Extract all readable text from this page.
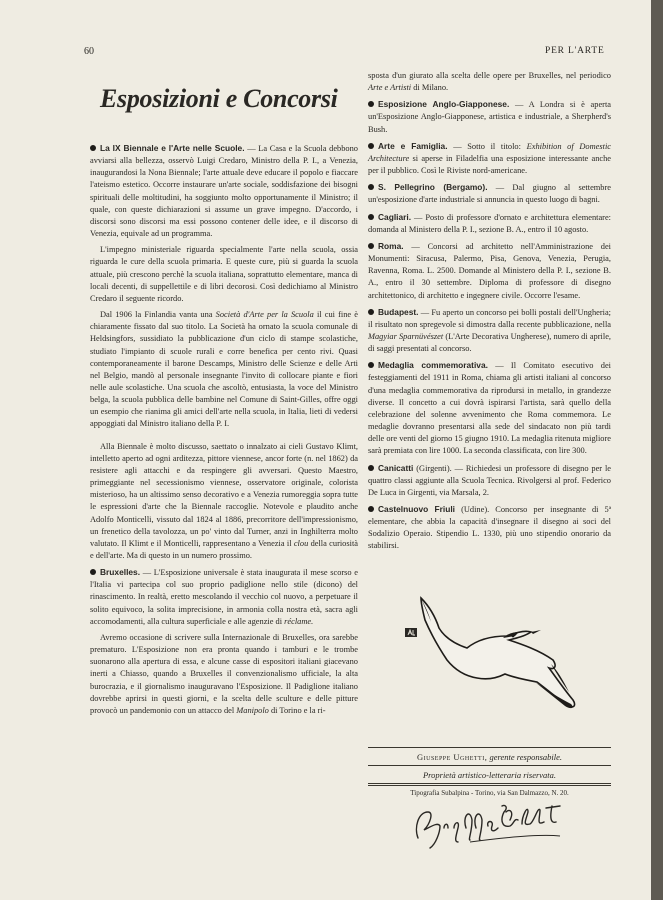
60	PER L'ARTE
Esposizioni e Concorsi

La IX Biennale e l'Arte nelle Scuole. — La Casa e la Scuola debbono avviarsi alla bellezza, osservò Luigi Credaro, Ministro della P. I., a Venezia, inaugurandosi la Nona Biennale; l'arte attuale deve educare il popolo e fiaccare l'ateismo estetico. Occorre instaurare un'arte sociale, soddisfazione dei bisogni spirituali delle moltitudini, ha soggiunto molto opportunamente il Ministro; il quale, con queste dichiarazioni si assume un grave impegno. D'accordo, i discorsi sono discorsi ma essi possono contener delle idee, e il discorso di Venezia, equivale ad un programma.

L'impegno ministeriale riguarda specialmente l'arte nella scuola, ossia riguarda le cure della scuola primaria. E queste cure, più si guarda la scuola attuale, più crescono perchè la scuola italiana, soprattutto elementare, manca di locali decenti, di suppellettile e di libri decorosi. Così dedichiamo al Ministro Credaro il seguente ricordo.

Dal 1906 la Finlandia vanta una Società d'Arte per la Scuola il cui fine è chiaramente fissato dal suo titolo. La Società ha ornato la scuola comunale di Heldsingfors, sussidiato la pubblicazione d'un ciclo di stampe scolastiche, studiato l'impianto di scuole rurali e corre benefica per cento rivi. Quasi contemporaneamente il barone Descamps, Ministro delle Scienze e delle Arti nel Belgio, mandò al personale insegnante l'invito di collocare piante e fiori nelle aule scolastiche. Una scuola che ascoltò, entusiasta, la voce del Ministro belga, la scuola pubblica delle bambine nel Comune di Saint-Gilles, offre oggi un esempio che rianima gli amici dell'arte nella scuola, in Italia, lieti di vedersi appoggiati dal Ministro italiano della P. I.

Alla Biennale è molto discusso, saettato o innalzato ai cieli Gustavo Klimt, intelletto aperto ad ogni arditezza, pittore viennese, ancor forte (n. nel 1862) da resistere agli attacchi e da respingere gli avversari. Questo Maestro, primeggiante nel secessionismo viennese, osservatore originale, colorista misterioso, ha un altissimo senso decorativo e a Venezia rumoreggia sopra tutte le espressioni d'arte che la Biennale raccoglie. Notevole e plaudito anche Adolfo Monticelli, vissuto dal 1824 al 1886, precorritore dell'impressionismo, un frenetico della tavolozza, un po' vinto dal Turner, anzi in Inghilterra molto valutato. Il Klimt e il Monticelli, rappresentano a Venezia il clou della curiosità e dell'arte. Ma di questo in un numero prossimo.

Bruxelles. — L'Esposizione universale è stata inaugurata il mese scorso e l'Italia vi partecipa col suo proprio padiglione nello stile (dicono) del rinascimento. In realtà, eretto mescolando il vecchio col nuovo, a perpetuare il solito equivoco, la solita imprecisione, in armonia colla nostra età, sacra agli accomodamenti, alla cultura superficiale e alle agenzie di réclame.

Avremo occasione di scrivere sulla Internazionale di Bruxelles, ora sarebbe prematuro. L'Esposizione non era pronta quando i tamburi e le trombe suonarono alla apertura di essa, e alcune casse di espositori italiani giacevano inerti a Chiasso, quando a Bruxelles il convenzionalismo ufficiale, la alta burocrazia, e il giornalismo inauguravano l'Esposizione. Il Padiglione italiano dovrebbe aprirsi in questi giorni, e la scelta delle sculture e delle pitture provocò un pandemonio con un attacco del Manipolo di Torino e la ri-

sposta d'un giurato alla scelta delle opere per Bruxelles, nel periodico Arte e Artisti di Milano.

Esposizione Anglo-Giapponese. — A Londra si è aperta un'Esposizione Anglo-Giapponese, artistica e industriale, a Sherpherd's Bush.

Arte e Famiglia. — Sotto il titolo: Exhibition of Domestic Architecture si aperse in Filadelfia una esposizione interessante anche per il pubblico. Così le Riviste nord-americane.

S. Pellegrino (Bergamo). — Dal giugno al settembre un'esposizione d'arte industriale si annuncia in questo luogo di bagni.

Cagliari. — Posto di professore d'ornato e architettura elementare: domanda al Ministero della P. I., sezione B. A., entro il 10 agosto.

Roma. — Concorsi ad architetto nell'Amministrazione dei Monumenti: Siracusa, Palermo, Pisa, Genova, Venezia, Perugia, Ravenna, Roma. L. 2500. Domande al Ministero della P. I., sezione B. A., entro il 30 settembre. Diploma di professore di disegno architettonico, di architetto e ingegnere civile. Occorre l'esame.

Budapest. — Fu aperto un concorso pei bolli postali dell'Ungheria; il risultato non spregevole si dimostra dalla recente pubblicazione, nella Magyiar Sparnüvészet (L'Arte Decorativa Ungherese), numero di aprile, di saggi presentati al concorso.

Medaglia commemorativa. — Il Comitato esecutivo dei festeggiamenti del 1911 in Roma, chiama gli artisti italiani al concorso d'una medaglia commemorativa da riprodursi in metallo, in grandezze diverse. Il concetto a cui dovrà ispirarsi l'artista, sarà quello della celebrazione del solenne avvenimento che Roma commemora. Le medaglie dovranno presentarsi alla sede del sindacato non più tardi delle ore venti del giorno 15 giugno 1910. La medaglia ritenuta migliore sarà premiata con lire 1000. La seconda classificata, con lire 300.

Canicatti (Girgenti). — Richiedesi un professore di disegno per le quattro classi aggiunte alla Scuola Tecnica. Rivolgersi al prof. Federico De Luca in Girgenti, via Marsala, 2.

Castelnuovo Friuli (Udine). Concorso per insegnante di 5ª elementare, che abbia la capacità d'insegnare il disegno ai soci del Sodalizio Operaio. Stipendio L. 1330, più uno stipendio onorario da stabilirsi.

Giuseppe Ughetti, gerente responsabile.
Proprietà artistico-letteraria riservata.
Tipografia Subalpina - Torino, via San Dalmazzo, N. 20.
